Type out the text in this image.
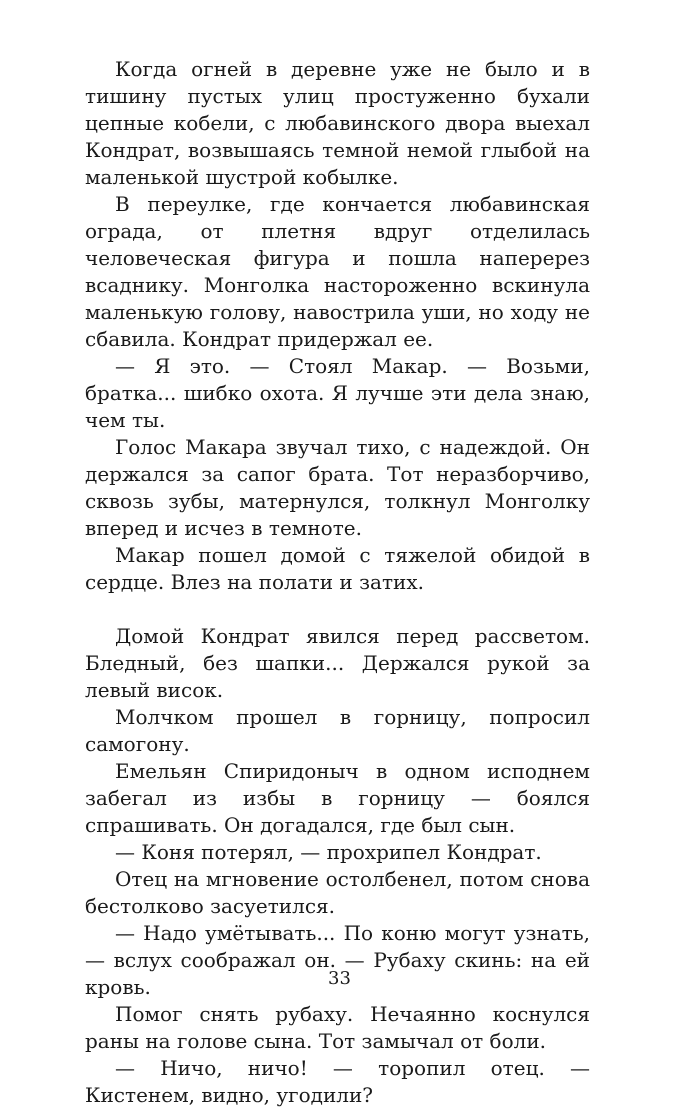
Когда огней в деревне уже не было и в тишину пустых улиц простуженно бухали цепные кобели, с любавинского двора выехал Кондрат, возвышаясь темной немой глыбой на маленькой шустрой кобылке.

В переулке, где кончается любавинская ограда, от плетня вдруг отделилась человеческая фигура и пошла наперерез всаднику. Монголка настороженно вскинула маленькую голову, навострила уши, но ходу не сбавила. Кондрат придержал ее.

— Я это. — Стоял Макар. — Возьми, братка... шибко охота. Я лучше эти дела знаю, чем ты.

Голос Макара звучал тихо, с надеждой. Он держался за сапог брата. Тот неразборчиво, сквозь зубы, матернулся, толкнул Монголку вперед и исчез в темноте.

Макар пошел домой с тяжелой обидой в сердце. Влез на полати и затих.

Домой Кондрат явился перед рассветом. Бледный, без шапки... Держался рукой за левый висок.

Молчком прошел в горницу, попросил самогону.

Емельян Спиридоныч в одном исподнем забегал из избы в горницу — боялся спрашивать. Он догадался, где был сын.

— Коня потерял, — прохрипел Кондрат.

Отец на мгновение остолбенел, потом снова бестолково засуетился.

— Надо умётывать... По коню могут узнать, — вслух соображал он. — Рубаху скинь: на ей кровь.

Помог снять рубаху. Нечаянно коснулся раны на голове сына. Тот замычал от боли.

— Ничо, ничо! — торопил отец. — Кистенем, видно, угодили?

33
